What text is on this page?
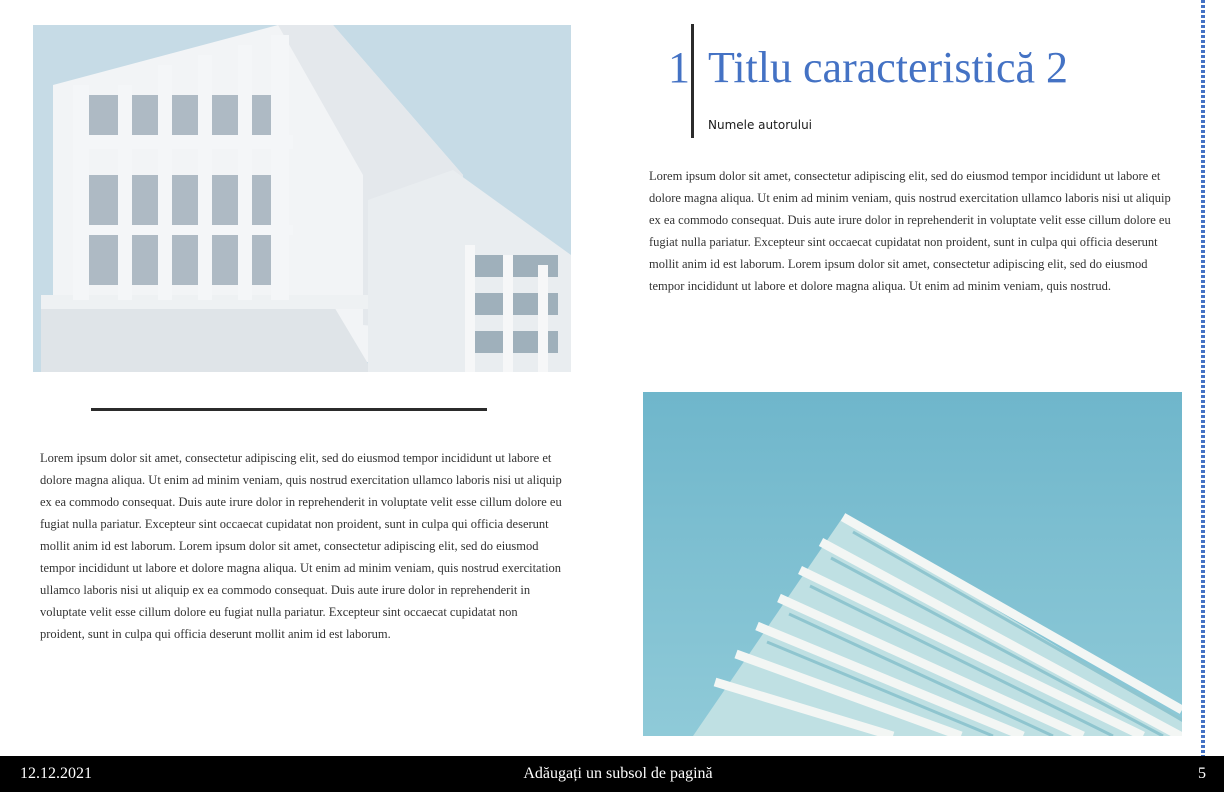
1 Titlu caracteristică 2
Numele autorului

Lorem ipsum dolor sit amet, consectetur adipiscing elit, sed do eiusmod tempor incididunt ut labore et dolore magna aliqua. Ut enim ad minim veniam, quis nostrud exercitation ullamco laboris nisi ut aliquip ex ea commodo consequat. Duis aute irure dolor in reprehenderit in voluptate velit esse cillum dolore eu fugiat nulla pariatur. Excepteur sint occaecat cupidatat non proident, sunt in culpa qui officia deserunt mollit anim id est laborum. Lorem ipsum dolor sit amet, consectetur adipiscing elit, sed do eiusmod tempor incididunt ut labore et dolore magna aliqua. Ut enim ad minim veniam, quis nostrud.

Lorem ipsum dolor sit amet, consectetur adipiscing elit, sed do eiusmod tempor incididunt ut labore et dolore magna aliqua. Ut enim ad minim veniam, quis nostrud exercitation ullamco laboris nisi ut aliquip ex ea commodo consequat. Duis aute irure dolor in reprehenderit in voluptate velit esse cillum dolore eu fugiat nulla pariatur. Excepteur sint occaecat cupidatat non proident, sunt in culpa qui officia deserunt mollit anim id est laborum. Lorem ipsum dolor sit amet, consectetur adipiscing elit, sed do eiusmod tempor incididunt ut labore et dolore magna aliqua. Ut enim ad minim veniam, quis nostrud exercitation ullamco laboris nisi ut aliquip ex ea commodo consequat. Duis aute irure dolor in reprehenderit in voluptate velit esse cillum dolore eu fugiat nulla pariatur. Excepteur sint occaecat cupidatat non proident, sunt in culpa qui officia deserunt mollit anim id est laborum.

12.12.2021	Adăugați un subsol de pagină	5
